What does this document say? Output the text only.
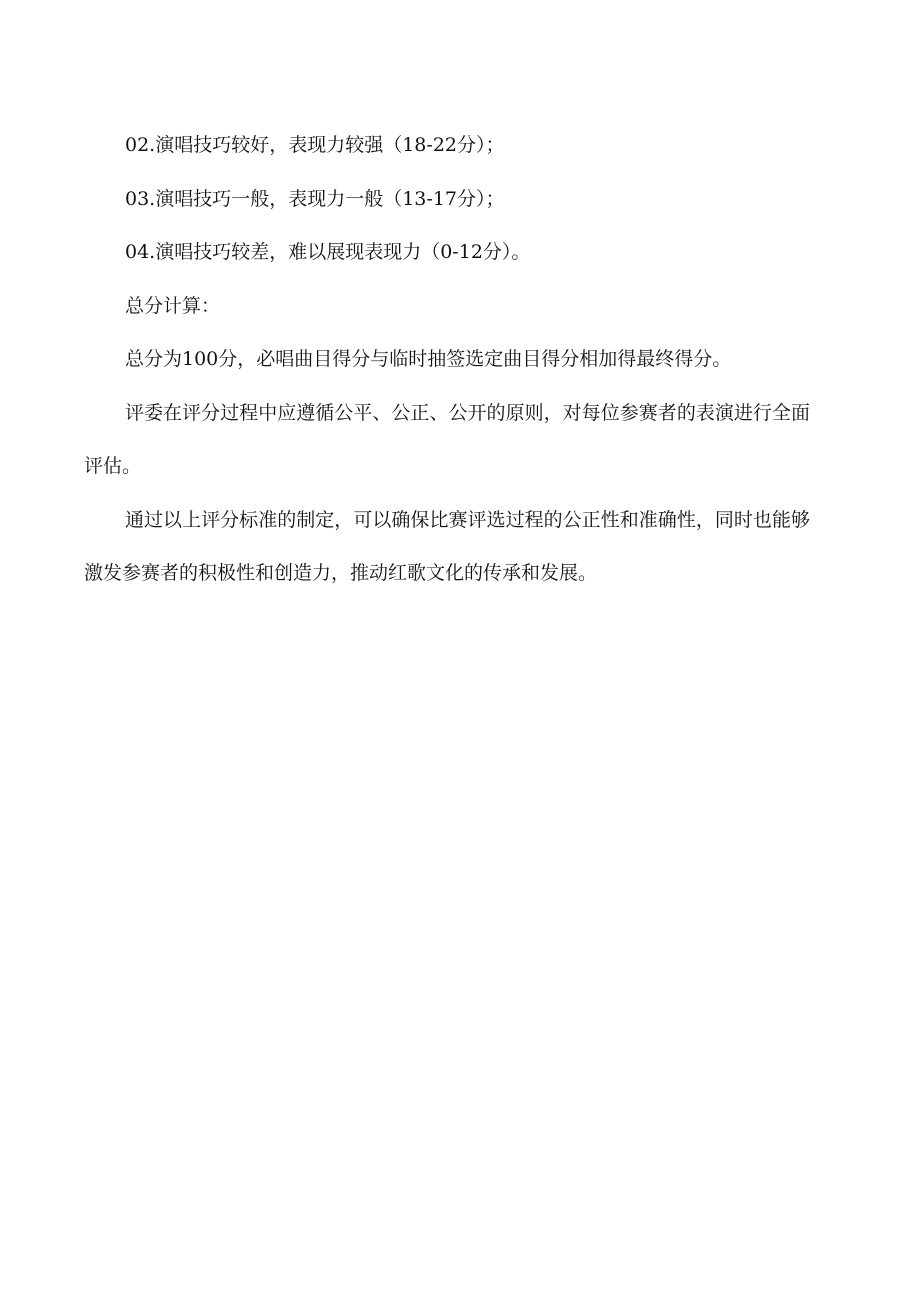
02.演唱技巧较好，表现力较强（18-22分）；

03.演唱技巧一般，表现力一般（13-17分）；

04.演唱技巧较差，难以展现表现力（0-12分）。

总分计算：

总分为100分，必唱曲目得分与临时抽签选定曲目得分相加得最终得分。

评委在评分过程中应遵循公平、公正、公开的原则，对每位参赛者的表演进行全面评估。

通过以上评分标准的制定，可以确保比赛评选过程的公正性和准确性，同时也能够激发参赛者的积极性和创造力，推动红歌文化的传承和发展。
